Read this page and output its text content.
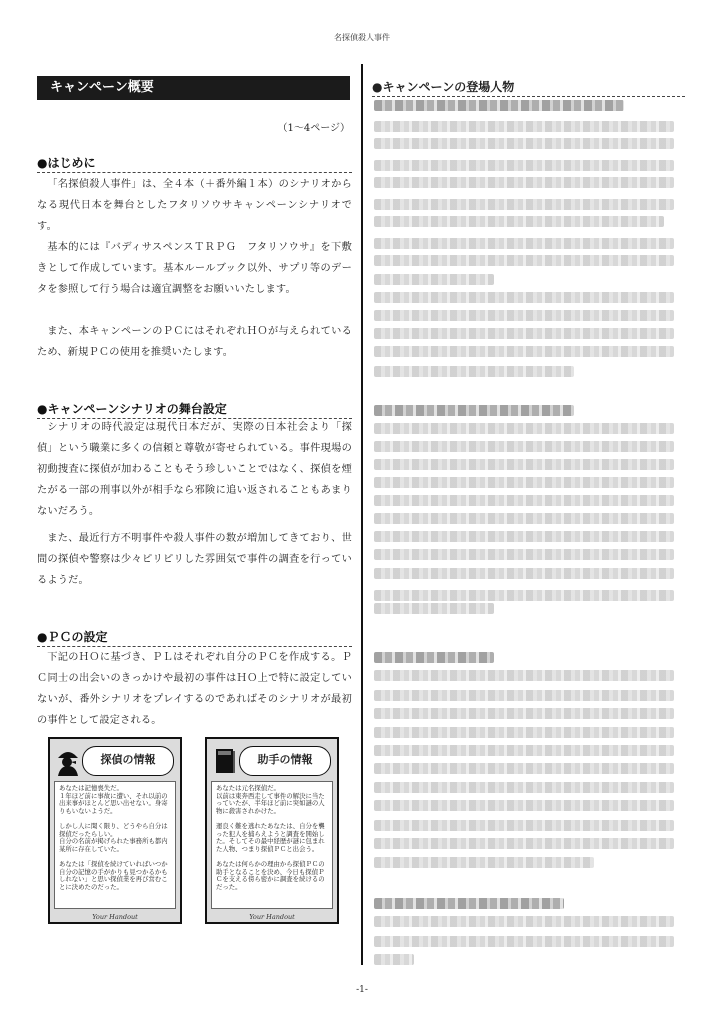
名探偵殺人事件
キャンペーン概要
（1～4ページ）
●はじめに

「名探偵殺人事件」は、全４本（＋番外編１本）のシナリオからなる現代日本を舞台としたフタリソウサキャンペーンシナリオです。

基本的には『バディサスペンスＴＲＰＧ　フタリソウサ』を下敷きとして作成しています。基本ルールブック以外、サプリ等のデータを参照して行う場合は適宜調整をお願いいたします。

また、本キャンペーンのＰＣにはそれぞれＨＯが与えられているため、新規ＰＣの使用を推奨いたします。

●キャンペーンシナリオの舞台設定

シナリオの時代設定は現代日本だが、実際の日本社会より「探偵」という職業に多くの信頼と尊敬が寄せられている。事件現場の初動捜査に探偵が加わることもそう珍しいことではなく、探偵を煙たがる一部の刑事以外が相手なら邪険に追い返されることもあまりないだろう。

また、最近行方不明事件や殺人事件の数が増加してきており、世間の探偵や警察は少々ピリピリした雰囲気で事件の調査を行っているようだ。

●ＰＣの設定

下記のＨＯに基づき、ＰＬはそれぞれ自分のＰＣを作成する。ＰＣ同士の出会いのきっかけや最初の事件はＨＯ上で特に設定していないが、番外シナリオをプレイするのであればそのシナリオが最初の事件として設定される。

探偵の情報
あなたは記憶喪失だ。
１年ほど前に事故に遭い、それ以前の出来事がほとんど思い出せない。身寄りもいないようだ。

しかし人に聞く限り、どうやら自分は探偵だったらしい。
自分の名前が掲げられた事務所も都内某所に存在していた。

あなたは「探偵を続けていればいつか自分の記憶の手がかりも見つかるかもしれない」と思い探偵業を再び営むことに決めたのだった。
Your Handout
助手の情報
あなたは元名探偵だ。
以前は東奔西走して事件の解決に当たっていたが、半年ほど前に突如謎の人物に殺害されかけた。

運良く難を逃れたあなたは、自分を襲った犯人を捕らえようと調査を開始した。そしてその最中経歴が謎に包まれた人物、つまり探偵ＰＣと出会う。

あなたは何らかの理由から探偵ＰＣの助手となることを決め、今日も探偵ＰＣを支える傍ら密かに調査を続けるのだった。
Your Handout
●キャンペーンの登場人物
-1-
